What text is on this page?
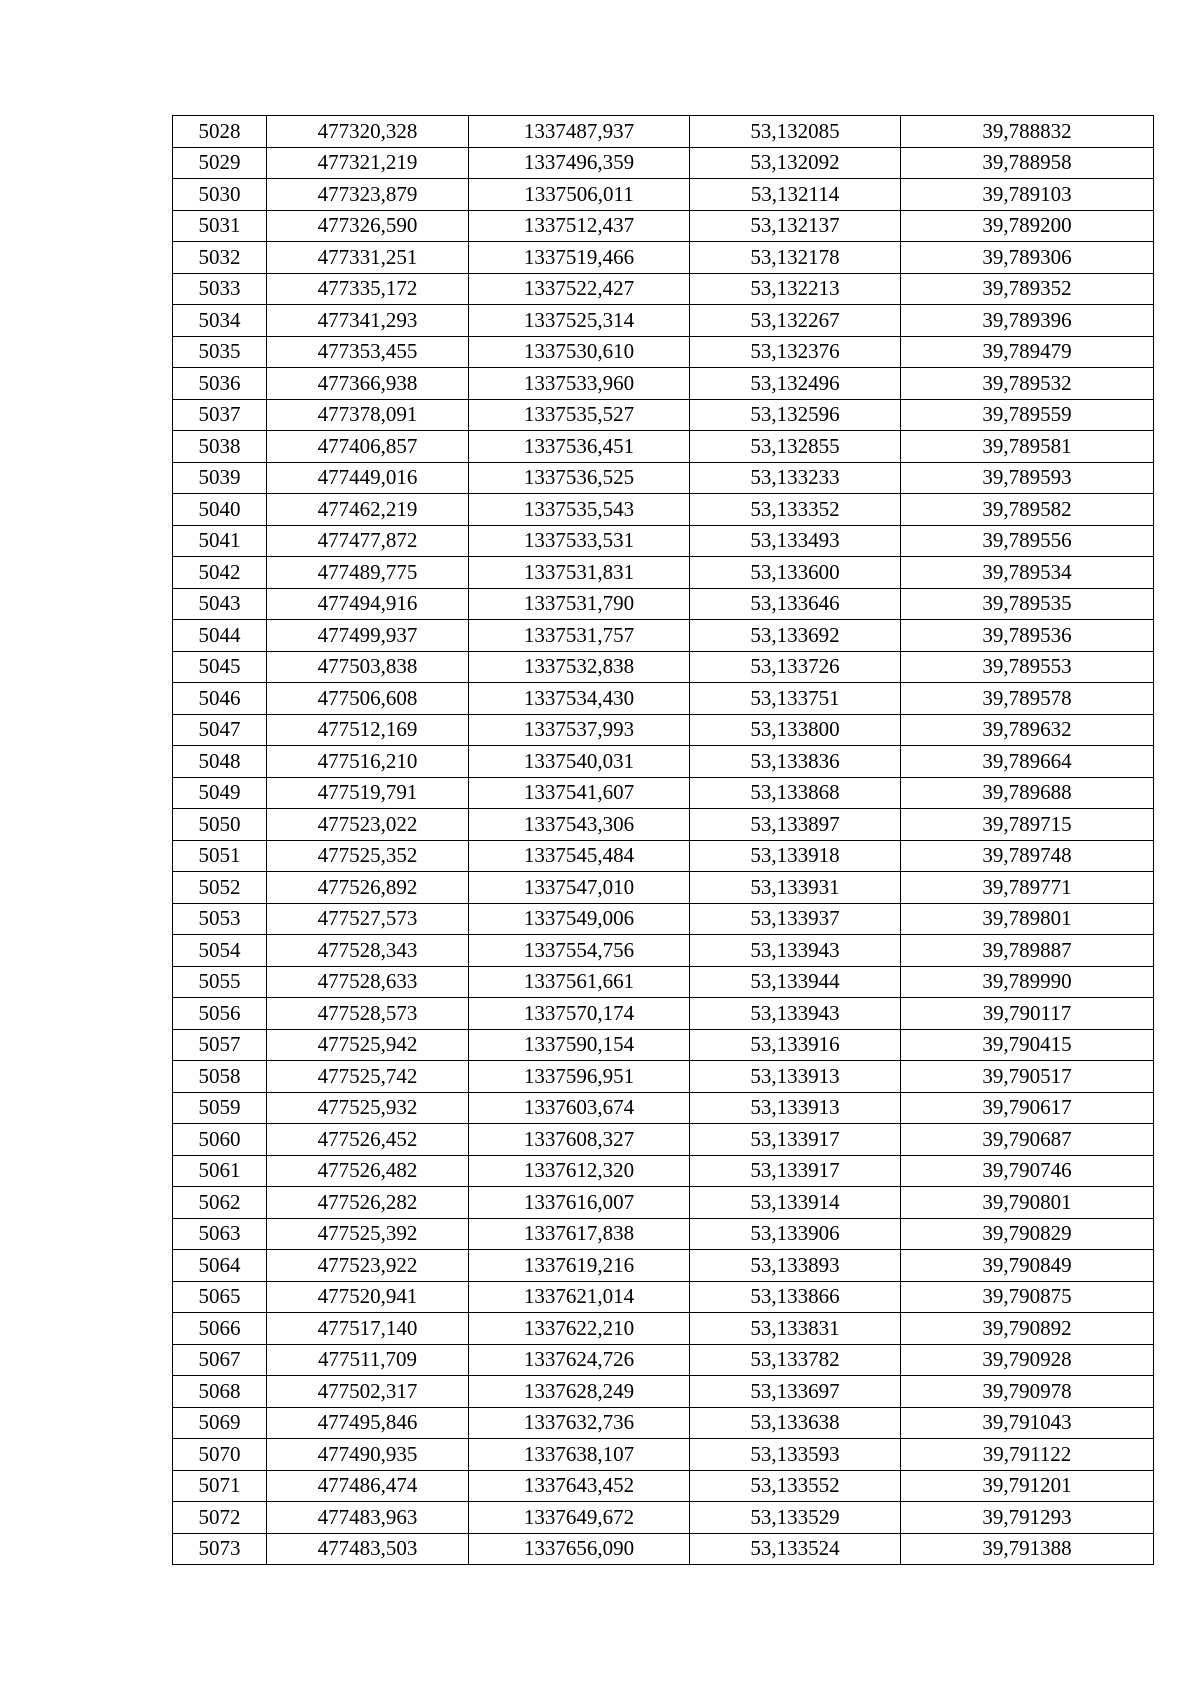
5028	477320,328	1337487,937	53,132085	39,788832
5029	477321,219	1337496,359	53,132092	39,788958
5030	477323,879	1337506,011	53,132114	39,789103
5031	477326,590	1337512,437	53,132137	39,789200
5032	477331,251	1337519,466	53,132178	39,789306
5033	477335,172	1337522,427	53,132213	39,789352
5034	477341,293	1337525,314	53,132267	39,789396
5035	477353,455	1337530,610	53,132376	39,789479
5036	477366,938	1337533,960	53,132496	39,789532
5037	477378,091	1337535,527	53,132596	39,789559
5038	477406,857	1337536,451	53,132855	39,789581
5039	477449,016	1337536,525	53,133233	39,789593
5040	477462,219	1337535,543	53,133352	39,789582
5041	477477,872	1337533,531	53,133493	39,789556
5042	477489,775	1337531,831	53,133600	39,789534
5043	477494,916	1337531,790	53,133646	39,789535
5044	477499,937	1337531,757	53,133692	39,789536
5045	477503,838	1337532,838	53,133726	39,789553
5046	477506,608	1337534,430	53,133751	39,789578
5047	477512,169	1337537,993	53,133800	39,789632
5048	477516,210	1337540,031	53,133836	39,789664
5049	477519,791	1337541,607	53,133868	39,789688
5050	477523,022	1337543,306	53,133897	39,789715
5051	477525,352	1337545,484	53,133918	39,789748
5052	477526,892	1337547,010	53,133931	39,789771
5053	477527,573	1337549,006	53,133937	39,789801
5054	477528,343	1337554,756	53,133943	39,789887
5055	477528,633	1337561,661	53,133944	39,789990
5056	477528,573	1337570,174	53,133943	39,790117
5057	477525,942	1337590,154	53,133916	39,790415
5058	477525,742	1337596,951	53,133913	39,790517
5059	477525,932	1337603,674	53,133913	39,790617
5060	477526,452	1337608,327	53,133917	39,790687
5061	477526,482	1337612,320	53,133917	39,790746
5062	477526,282	1337616,007	53,133914	39,790801
5063	477525,392	1337617,838	53,133906	39,790829
5064	477523,922	1337619,216	53,133893	39,790849
5065	477520,941	1337621,014	53,133866	39,790875
5066	477517,140	1337622,210	53,133831	39,790892
5067	477511,709	1337624,726	53,133782	39,790928
5068	477502,317	1337628,249	53,133697	39,790978
5069	477495,846	1337632,736	53,133638	39,791043
5070	477490,935	1337638,107	53,133593	39,791122
5071	477486,474	1337643,452	53,133552	39,791201
5072	477483,963	1337649,672	53,133529	39,791293
5073	477483,503	1337656,090	53,133524	39,791388
